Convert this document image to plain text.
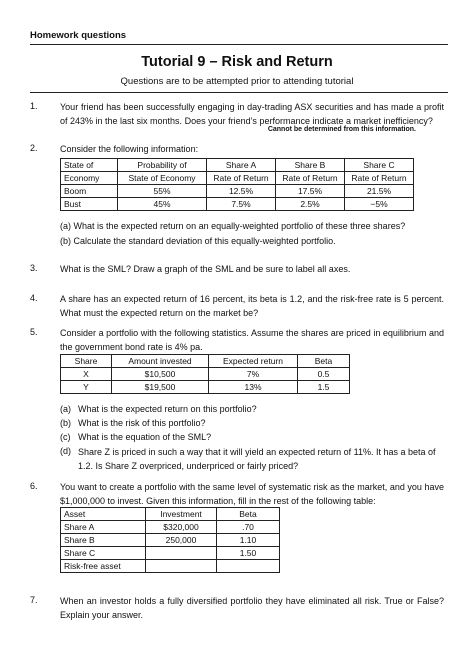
Homework questions
Tutorial 9 – Risk and Return
Questions are to be attempted prior to attending tutorial
1. Your friend has been successfully engaging in day-trading ASX securities and has made a profit of 243% in the last six months. Does your friend’s performance indicate a market inefficiency?
Cannot be determined from this information.
2. Consider the following information:
State of	Probability of	Share A	Share B	Share C
Economy	State of Economy	Rate of Return	Rate of Return	Rate of Return
Boom	55%	12.5%	17.5%	21.5%
Bust	45%	7.5%	2.5%	−5%
(a) What is the expected return on an equally-weighted portfolio of these three shares?
(b) Calculate the standard deviation of this equally-weighted portfolio.
3. What is the SML? Draw a graph of the SML and be sure to label all axes.
4. A share has an expected return of 16 percent, its beta is 1.2, and the risk-free rate is 5 percent. What must the expected return on the market be?
5. Consider a portfolio with the following statistics. Assume the shares are priced in equilibrium and the government bond rate is 4% pa.
Share	Amount invested	Expected return	Beta
X	$10,500	7%	0.5
Y	$19,500	13%	1.5
(a) What is the expected return on this portfolio?
(b) What is the risk of this portfolio?
(c) What is the equation of the SML?
(d) Share Z is priced in such a way that it will yield an expected return of 11%. It has a beta of 1.2. Is Share Z overpriced, underpriced or fairly priced?
6. You want to create a portfolio with the same level of systematic risk as the market, and you have $1,000,000 to invest. Given this information, fill in the rest of the following table:
Asset	Investment	Beta
Share A	$320,000	.70
Share B	250,000	1.10
Share C		1.50
Risk-free asset		
7. When an investor holds a fully diversified portfolio they have eliminated all risk. True or False? Explain your answer.
